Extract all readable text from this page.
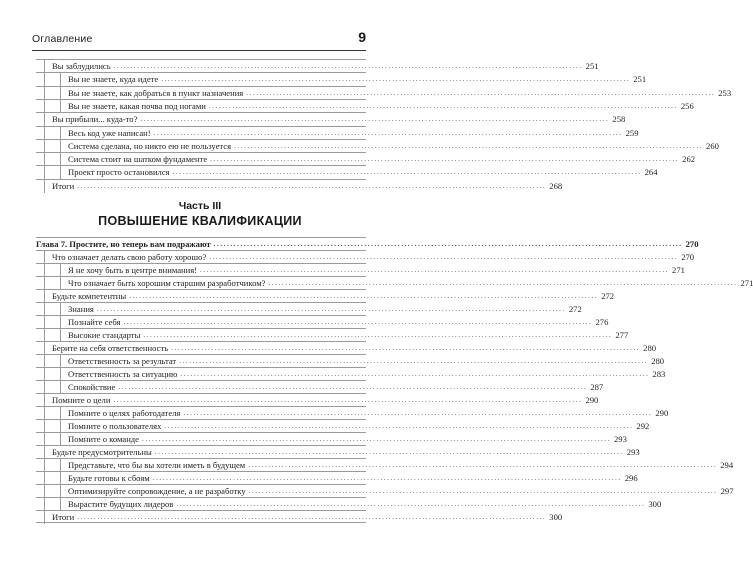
Оглавление	9
Вы заблудились ............................................................................................................................................ 251
Вы не знаете, куда идете ............................................................................................................................................ 251
Вы не знаете, как добраться в пункт назначения ............................................................................................................................................ 253
Вы не знаете, какая почва под ногами ............................................................................................................................................ 256
Вы прибыли... куда-то? ............................................................................................................................................ 258
Весь код уже написан! ............................................................................................................................................ 259
Система сделана, но никто ею не пользуется ............................................................................................................................................ 260
Система стоит на шатком фундаменте ............................................................................................................................................ 262
Проект просто остановился ............................................................................................................................................ 264
Итоги ............................................................................................................................................ 268
Глава 7. Простите, но теперь вам подражают ............................................................................................................................................ 270
Что означает делать свою работу хорошо? ............................................................................................................................................ 270
Я не хочу быть в центре внимания! ............................................................................................................................................ 271
Что означает быть хорошим старшим разработчиком? ............................................................................................................................................ 271
Будьте компетентны ............................................................................................................................................ 272
Знания ............................................................................................................................................ 272
Познайте себя ............................................................................................................................................ 276
Высокие стандарты ............................................................................................................................................ 277
Берите на себя ответственность ............................................................................................................................................ 280
Ответственность за результат ............................................................................................................................................ 280
Ответственность за ситуацию ............................................................................................................................................ 283
Спокойствие ............................................................................................................................................ 287
Помните о цели ............................................................................................................................................ 290
Помните о целях работодателя ............................................................................................................................................ 290
Помните о пользователях ............................................................................................................................................ 292
Помните о команде ............................................................................................................................................ 293
Будьте предусмотрительны ............................................................................................................................................ 293
Представьте, что бы вы хотели иметь в будущем ............................................................................................................................................ 294
Будьте готовы к сбоям ............................................................................................................................................ 296
Оптимизируйте сопровождение, а не разработку ............................................................................................................................................ 297
Вырастите будущих лидеров ............................................................................................................................................ 300
Итоги ............................................................................................................................................ 300
Часть III
ПОВЫШЕНИЕ КВАЛИФИКАЦИИ
